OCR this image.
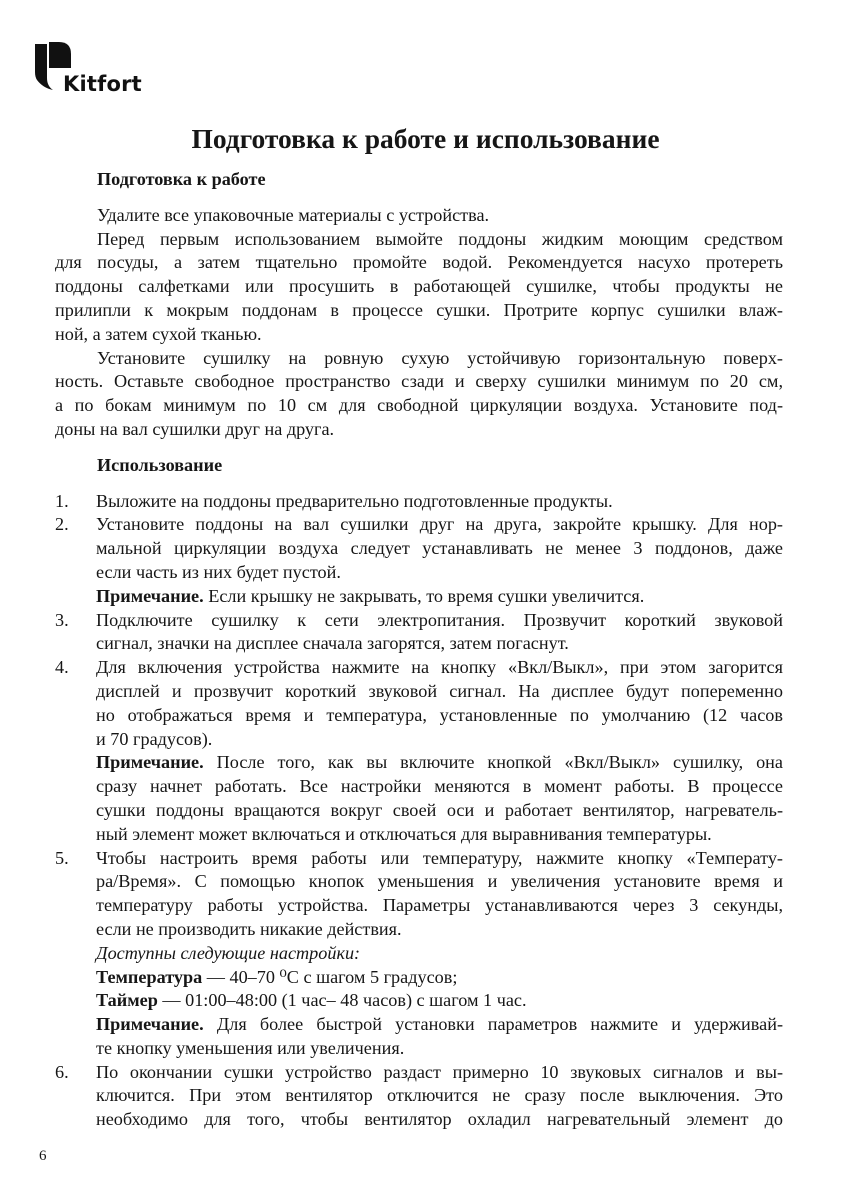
Kitfort
Подготовка к работе и использование
Подготовка к работе
Удалите все упаковочные материалы с устройства.
Перед первым использованием вымойте поддоны жидким моющим средством
для посуды, а затем тщательно промойте водой. Рекомендуется насухо протереть
поддоны салфетками или просушить в работающей сушилке, чтобы продукты не
прилипли к мокрым поддонам в процессе сушки. Протрите корпус сушилки влаж-
ной, а затем сухой тканью.
Установите сушилку на ровную сухую устойчивую горизонтальную поверх-
ность. Оставьте свободное пространство сзади и сверху сушилки минимум по 20 см,
а по бокам минимум по 10 см для свободной циркуляции воздуха. Установите под-
доны на вал сушилки друг на друга.
Использование
1. Выложите на поддоны предварительно подготовленные продукты.
2. Установите поддоны на вал сушилки друг на друга, закройте крышку. Для нор-
мальной циркуляции воздуха следует устанавливать не менее 3 поддонов, даже
если часть из них будет пустой.
Примечание. Если крышку не закрывать, то время сушки увеличится.
3. Подключите сушилку к сети электропитания. Прозвучит короткий звуковой
сигнал, значки на дисплее сначала загорятся, затем погаснут.
4. Для включения устройства нажмите на кнопку «Вкл/Выкл», при этом загорится
дисплей и прозвучит короткий звуковой сигнал. На дисплее будут попеременно
но отображаться время и температура, установленные по умолчанию (12 часов
и 70 градусов).
Примечание. После того, как вы включите кнопкой «Вкл/Выкл» сушилку, она
сразу начнет работать. Все настройки меняются в момент работы. В процессе
сушки поддоны вращаются вокруг своей оси и работает вентилятор, нагреватель-
ный элемент может включаться и отключаться для выравнивания температуры.
5. Чтобы настроить время работы или температуру, нажмите кнопку «Температу-
ра/Время». С помощью кнопок уменьшения и увеличения установите время и
температуру работы устройства. Параметры устанавливаются через 3 секунды,
если не производить никакие действия.
Доступны следующие настройки:
Температура — 40–70 ⁰С с шагом 5 градусов;
Таймер — 01:00–48:00 (1 час– 48 часов) с шагом 1 час.
Примечание. Для более быстрой установки параметров нажмите и удерживай-
те кнопку уменьшения или увеличения.
6. По окончании сушки устройство раздаст примерно 10 звуковых сигналов и вы-
ключится. При этом вентилятор отключится не сразу после выключения. Это
необходимо для того, чтобы вентилятор охладил нагревательный элемент до
6
